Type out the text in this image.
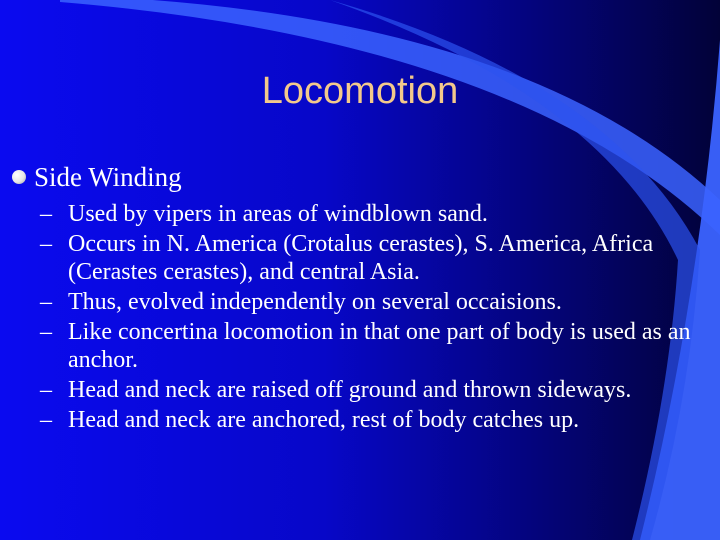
Locomotion
Side Winding
– Used by vipers in areas of windblown sand.
– Occurs in N. America (Crotalus cerastes), S. America, Africa (Cerastes cerastes), and central Asia.
– Thus, evolved independently on several occaisions.
– Like concertina locomotion in that one part of body is used as an anchor.
– Head and neck are raised off ground and thrown sideways.
– Head and neck are anchored, rest of body catches up.
